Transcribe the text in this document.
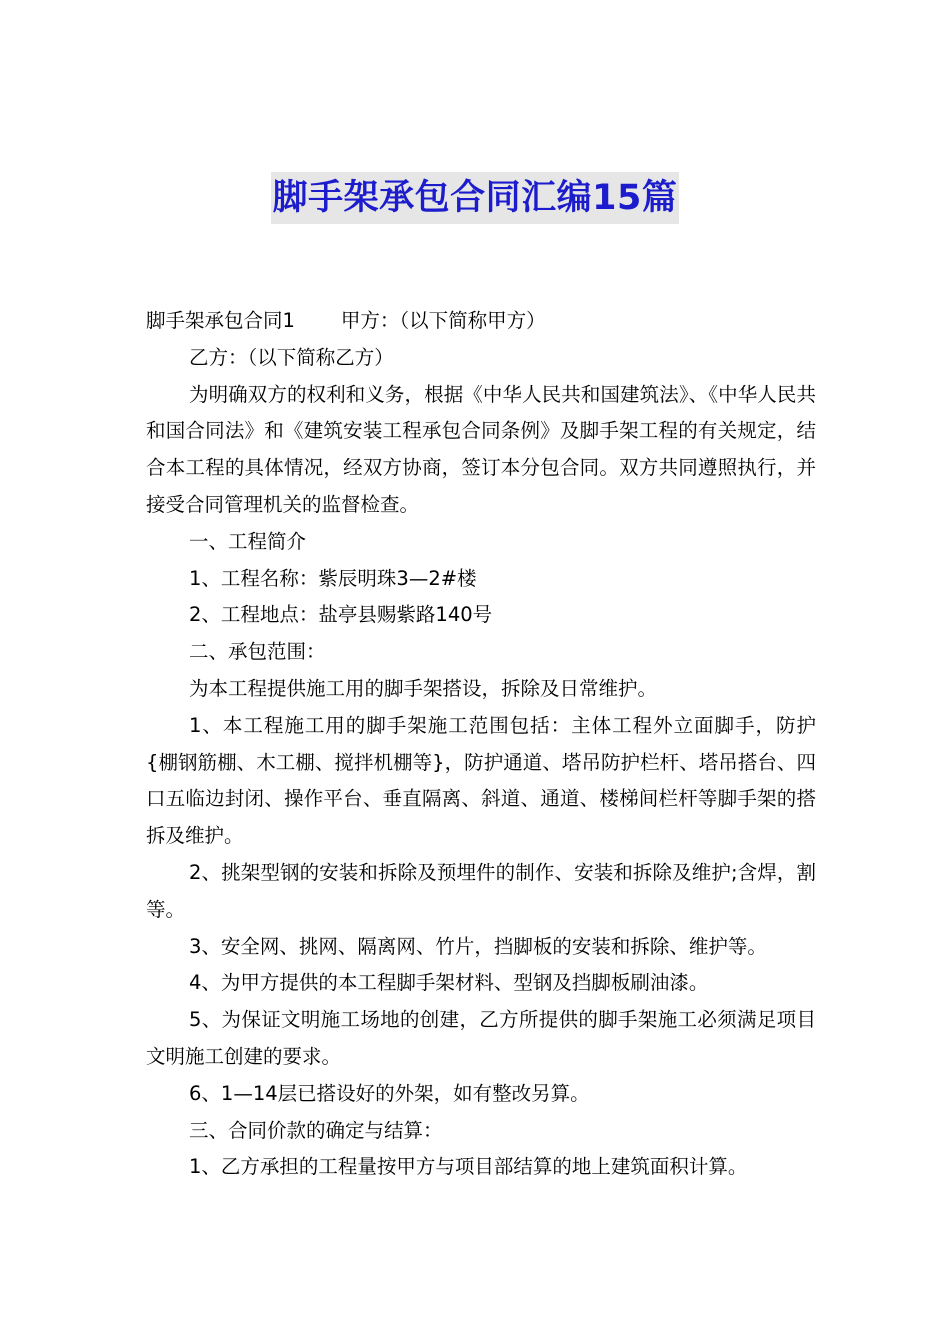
脚手架承包合同汇编15篇

脚手架承包合同1 甲方：（以下简称甲方）

乙方：（以下简称乙方）

为明确双方的权利和义务，根据《中华人民共和国建筑法》、《中华人民共和国合同法》和《建筑安装工程承包合同条例》及脚手架工程的有关规定，结合本工程的具体情况，经双方协商，签订本分包合同。双方共同遵照执行，并接受合同管理机关的监督检查。

一、工程简介

1、工程名称：紫辰明珠3—2#楼

2、工程地点：盐亭县赐紫路140号

二、承包范围：

为本工程提供施工用的脚手架搭设，拆除及日常维护。

1、本工程施工用的脚手架施工范围包括：主体工程外立面脚手，防护{棚钢筋棚、木工棚、搅拌机棚等}，防护通道、塔吊防护栏杆、塔吊搭台、四口五临边封闭、操作平台、垂直隔离、斜道、通道、楼梯间栏杆等脚手架的搭拆及维护。

2、挑架型钢的安装和拆除及预埋件的制作、安装和拆除及维护;含焊，割等。

3、安全网、挑网、隔离网、竹片，挡脚板的安装和拆除、维护等。

4、为甲方提供的本工程脚手架材料、型钢及挡脚板刷油漆。

5、为保证文明施工场地的创建，乙方所提供的脚手架施工必须满足项目文明施工创建的要求。

6、1—14层已搭设好的外架，如有整改另算。

三、合同价款的确定与结算：

1、乙方承担的工程量按甲方与项目部结算的地上建筑面积计算。
